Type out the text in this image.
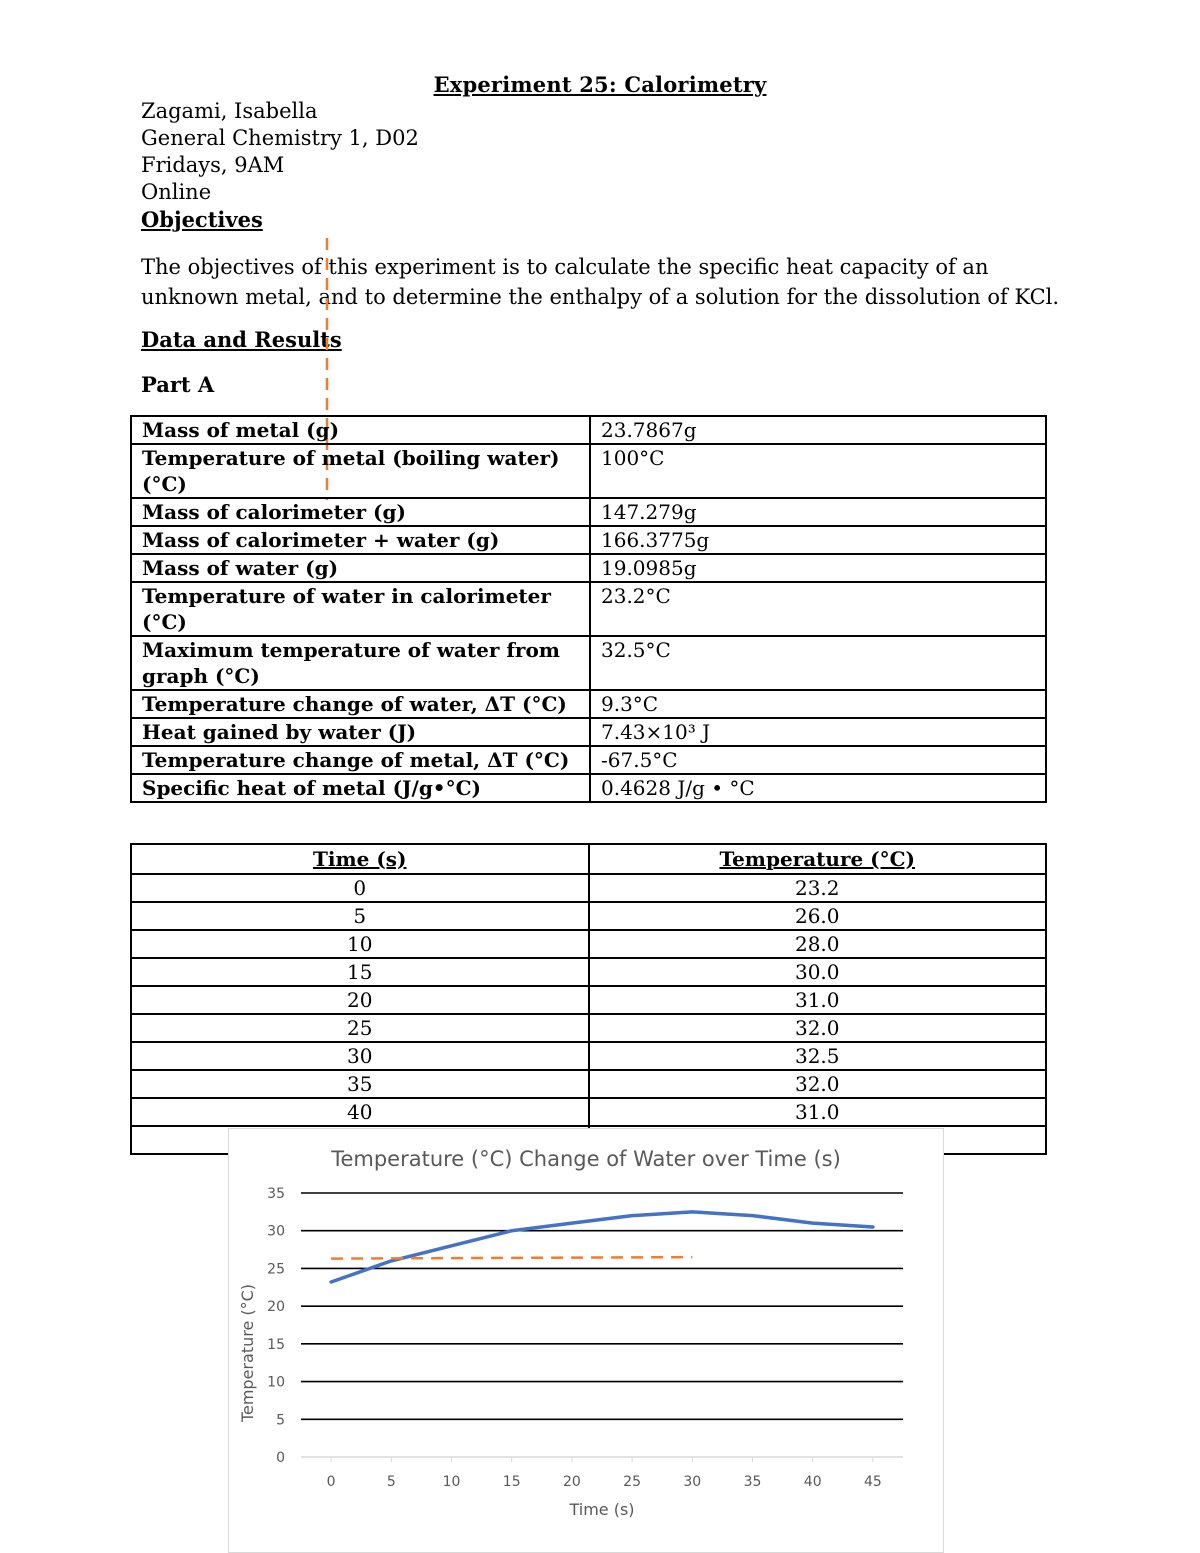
Experiment 25: Calorimetry
Zagami, Isabella
General Chemistry 1, D02
Fridays, 9AM
Online
Objectives
The objectives of this experiment is to calculate the specific heat capacity of an unknown metal, and to determine the enthalpy of a solution for the dissolution of KCl.
Data and Results
Part A
Mass of metal (g)	23.7867g
Temperature of metal (boiling water) (°C)	100°C
Mass of calorimeter (g)	147.279g
Mass of calorimeter + water (g)	166.3775g
Mass of water (g)	19.0985g
Temperature of water in calorimeter (°C)	23.2°C
Maximum temperature of water from graph (°C)	32.5°C
Temperature change of water, ΔT (°C)	9.3°C
Heat gained by water (J)	7.43×10³ J
Temperature change of metal, ΔT (°C)	-67.5°C
Specific heat of metal (J/g•°C)	0.4628 J/g • °C
Time (s)	Temperature (°C)
0	23.2
5	26.0
10	28.0
15	30.0
20	31.0
25	32.0
30	32.5
35	32.0
40	31.0

Temperature (°C) Change of Water over Time (s)
0
5
10
15
20
25
30
35
0	5	10	15	20	25	30	35	40	45
Time (s)
Temperature (°C)
